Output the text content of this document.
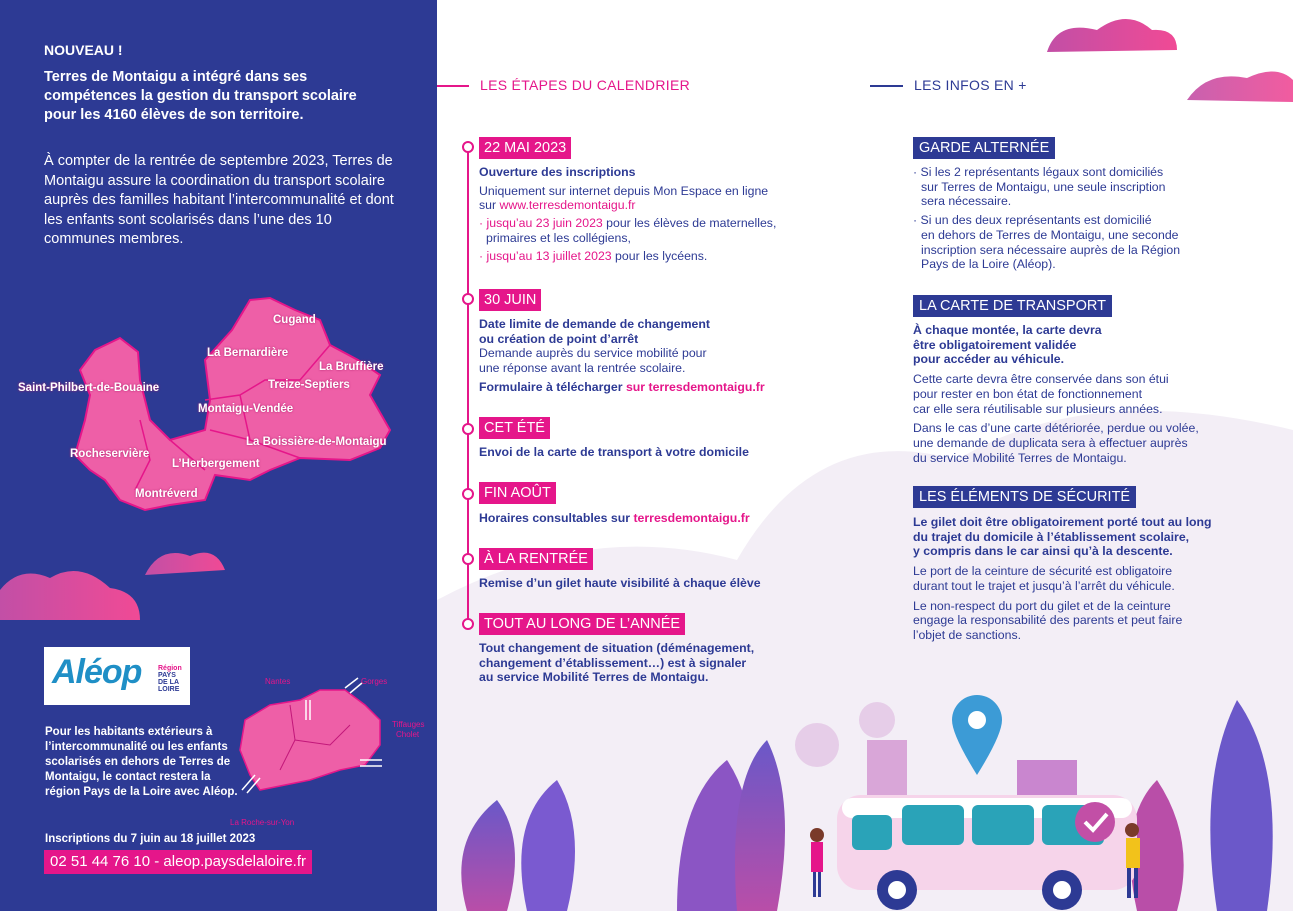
NOUVEAU !
Terres de Montaigu a intégré dans ses compétences la gestion du transport scolaire pour les 4160 élèves de son territoire.
À compter de la rentrée de septembre 2023, Terres de Montaigu assure la coordination du transport scolaire auprès des familles habitant l’intercommunalité et dont les enfants sont scolarisés dans l’une des 10 communes membres.
Cugand
La Bernardière
La Bruffière
Saint-Philbert-de-Bouaine	Treize-Septiers
Montaigu-Vendée
La Boissière-de-Montaigu
Rocheservière
L’Herbergement
Montréverd
Aléop Région
PAYS
DE LA
LOIRE
Nantes	Gorges
Tiffauges
Cholet
La Roche-sur-Yon
Pour les habitants extérieurs à l’intercommunalité ou les enfants scolarisés en dehors de Terres de Montaigu, le contact restera la région Pays de la Loire avec Aléop.
Inscriptions du 7 juin au 18 juillet 2023
02 51 44 76 10 - aleop.paysdelaloire.fr
LES ÉTAPES DU CALENDRIER
22 MAI 2023
Ouverture des inscriptions
Uniquement sur internet depuis Mon Espace en ligne
sur www.terresdemontaigu.fr
· jusqu’au 23 juin 2023 pour les élèves de maternelles,
primaires et les collégiens,
· jusqu’au 13 juillet 2023 pour les lycéens.
30 JUIN
Date limite de demande de changement
ou création de point d’arrêt
Demande auprès du service mobilité pour
une réponse avant la rentrée scolaire.
Formulaire à télécharger sur terresdemontaigu.fr
CET ÉTÉ
Envoi de la carte de transport à votre domicile
FIN AOÛT
Horaires consultables sur terresdemontaigu.fr
À LA RENTRÉE
Remise d’un gilet haute visibilité à chaque élève
TOUT AU LONG DE L’ANNÉE
Tout changement de situation (déménagement,
changement d’établissement…) est à signaler
au service Mobilité Terres de Montaigu.
LES INFOS EN +
GARDE ALTERNÉE
· Si les 2 représentants légaux sont domiciliés
sur Terres de Montaigu, une seule inscription
sera nécessaire.
· Si un des deux représentants est domicilié
en dehors de Terres de Montaigu, une seconde
inscription sera nécessaire auprès de la Région
Pays de la Loire (Aléop).
LA CARTE DE TRANSPORT
À chaque montée, la carte devra
être obligatoirement validée
pour accéder au véhicule.
Cette carte devra être conservée dans son étui
pour rester en bon état de fonctionnement
car elle sera réutilisable sur plusieurs années.
Dans le cas d’une carte détériorée, perdue ou volée,
une demande de duplicata sera à effectuer auprès
du service Mobilité Terres de Montaigu.
LES ÉLÉMENTS DE SÉCURITÉ
Le gilet doit être obligatoirement porté tout au long
du trajet du domicile à l’établissement scolaire,
y compris dans le car ainsi qu’à la descente.
Le port de la ceinture de sécurité est obligatoire
durant tout le trajet et jusqu’à l’arrêt du véhicule.
Le non-respect du port du gilet et de la ceinture
engage la responsabilité des parents et peut faire
l’objet de sanctions.
